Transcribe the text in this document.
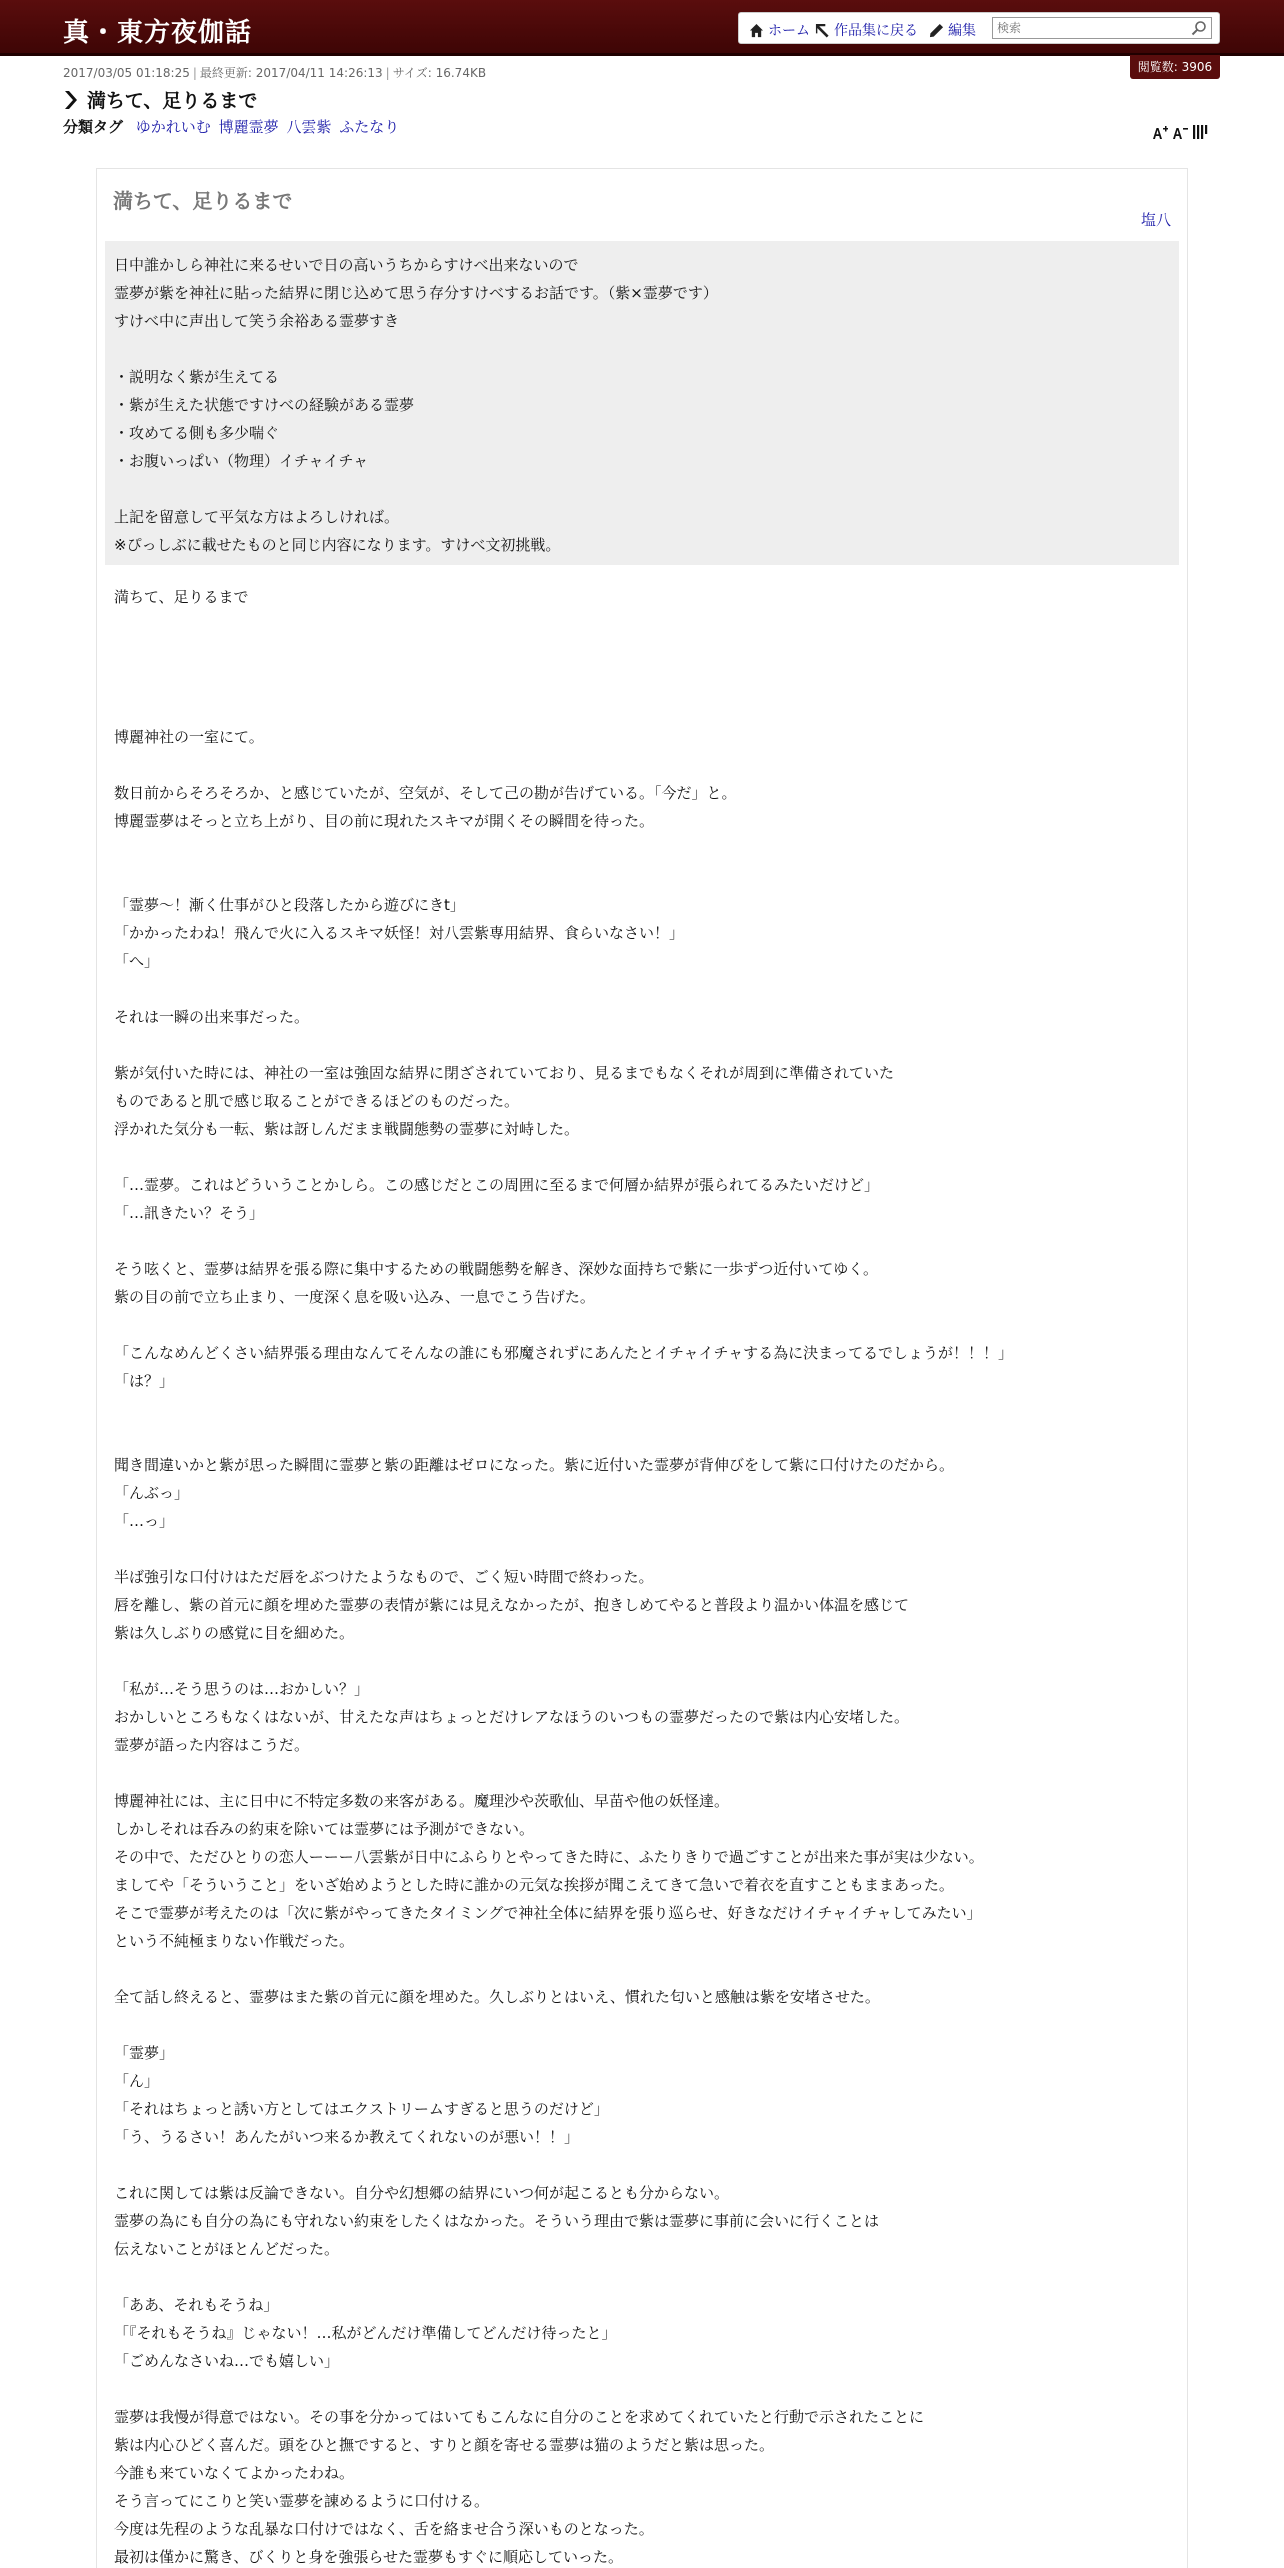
真・東方夜伽話	ホーム 作品集に戻る 編集
検索
閲覧数: 3906
2017/03/05 01:18:25 | 最終更新: 2017/04/11 14:26:13 | サイズ: 16.74KB
満ちて、足りるまで
分類タグ ゆかれいむ 博麗霊夢 八雲紫 ふたなり
満ちて、足りるまで
塩八
日中誰かしら神社に来るせいで日の高いうちからすけべ出来ないので
霊夢が紫を神社に貼った結界に閉じ込めて思う存分すけべするお話です。（紫×霊夢です）
すけべ中に声出して笑う余裕ある霊夢すき
・説明なく紫が生えてる
・紫が生えた状態ですけべの経験がある霊夢
・攻めてる側も多少喘ぐ
・お腹いっぱい（物理）イチャイチャ
上記を留意して平気な方はよろしければ。
※ぴっしぶに載せたものと同じ内容になります。すけべ文初挑戦。
満ちて、足りるまで
博麗神社の一室にて。
数日前からそろそろか、と感じていたが、空気が、そして己の勘が告げている。「今だ」と。
博麗霊夢はそっと立ち上がり、目の前に現れたスキマが開くその瞬間を待った。
「霊夢〜！漸く仕事がひと段落したから遊びにきt」
「かかったわね！飛んで火に入るスキマ妖怪！対八雲紫専用結界、食らいなさい！」
「へ」
それは一瞬の出来事だった。
紫が気付いた時には、神社の一室は強固な結界に閉ざされていており、見るまでもなくそれが周到に準備されていた
ものであると肌で感じ取ることができるほどのものだった。
浮かれた気分も一転、紫は訝しんだまま戦闘態勢の霊夢に対峙した。
「…霊夢。これはどういうことかしら。この感じだとこの周囲に至るまで何層か結界が張られてるみたいだけど」
「…訊きたい？そう」
そう呟くと、霊夢は結界を張る際に集中するための戦闘態勢を解き、深妙な面持ちで紫に一歩ずつ近付いてゆく。
紫の目の前で立ち止まり、一度深く息を吸い込み、一息でこう告げた。
「こんなめんどくさい結界張る理由なんてそんなの誰にも邪魔されずにあんたとイチャイチャする為に決まってるでしょうが！！！」
「は？」
聞き間違いかと紫が思った瞬間に霊夢と紫の距離はゼロになった。紫に近付いた霊夢が背伸びをして紫に口付けたのだから。
「んぶっ」
「…っ」
半ば強引な口付けはただ唇をぶつけたようなもので、ごく短い時間で終わった。
唇を離し、紫の首元に顔を埋めた霊夢の表情が紫には見えなかったが、抱きしめてやると普段より温かい体温を感じて
紫は久しぶりの感覚に目を細めた。
「私が…そう思うのは…おかしい？」
おかしいところもなくはないが、甘えたな声はちょっとだけレアなほうのいつもの霊夢だったので紫は内心安堵した。
霊夢が語った内容はこうだ。
博麗神社には、主に日中に不特定多数の来客がある。魔理沙や茨歌仙、早苗や他の妖怪達。
しかしそれは呑みの約束を除いては霊夢には予測ができない。
その中で、ただひとりの恋人ーーー八雲紫が日中にふらりとやってきた時に、ふたりきりで過ごすことが出来た事が実は少ない。
ましてや「そういうこと」をいざ始めようとした時に誰かの元気な挨拶が聞こえてきて急いで着衣を直すこともままあった。
そこで霊夢が考えたのは「次に紫がやってきたタイミングで神社全体に結界を張り巡らせ、好きなだけイチャイチャしてみたい」
という不純極まりない作戦だった。
全て話し終えると、霊夢はまた紫の首元に顔を埋めた。久しぶりとはいえ、慣れた匂いと感触は紫を安堵させた。
「霊夢」
「ん」
「それはちょっと誘い方としてはエクストリームすぎると思うのだけど」
「う、うるさい！あんたがいつ来るか教えてくれないのが悪い！！」
これに関しては紫は反論できない。自分や幻想郷の結界にいつ何が起こるとも分からない。
霊夢の為にも自分の為にも守れない約束をしたくはなかった。そういう理由で紫は霊夢に事前に会いに行くことは
伝えないことがほとんどだった。
「ああ、それもそうね」
「『それもそうね』じゃない！…私がどんだけ準備してどんだけ待ったと」
「ごめんなさいね…でも嬉しい」
霊夢は我慢が得意ではない。その事を分かってはいてもこんなに自分のことを求めてくれていたと行動で示されたことに
紫は内心ひどく喜んだ。頭をひと撫ですると、すりと顔を寄せる霊夢は猫のようだと紫は思った。
今誰も来ていなくてよかったわね。
そう言ってにこりと笑い霊夢を諌めるように口付ける。
今度は先程のような乱暴な口付けではなく、舌を絡ませ合う深いものとなった。
最初は僅かに驚き、びくりと身を強張らせた霊夢もすぐに順応していった。
